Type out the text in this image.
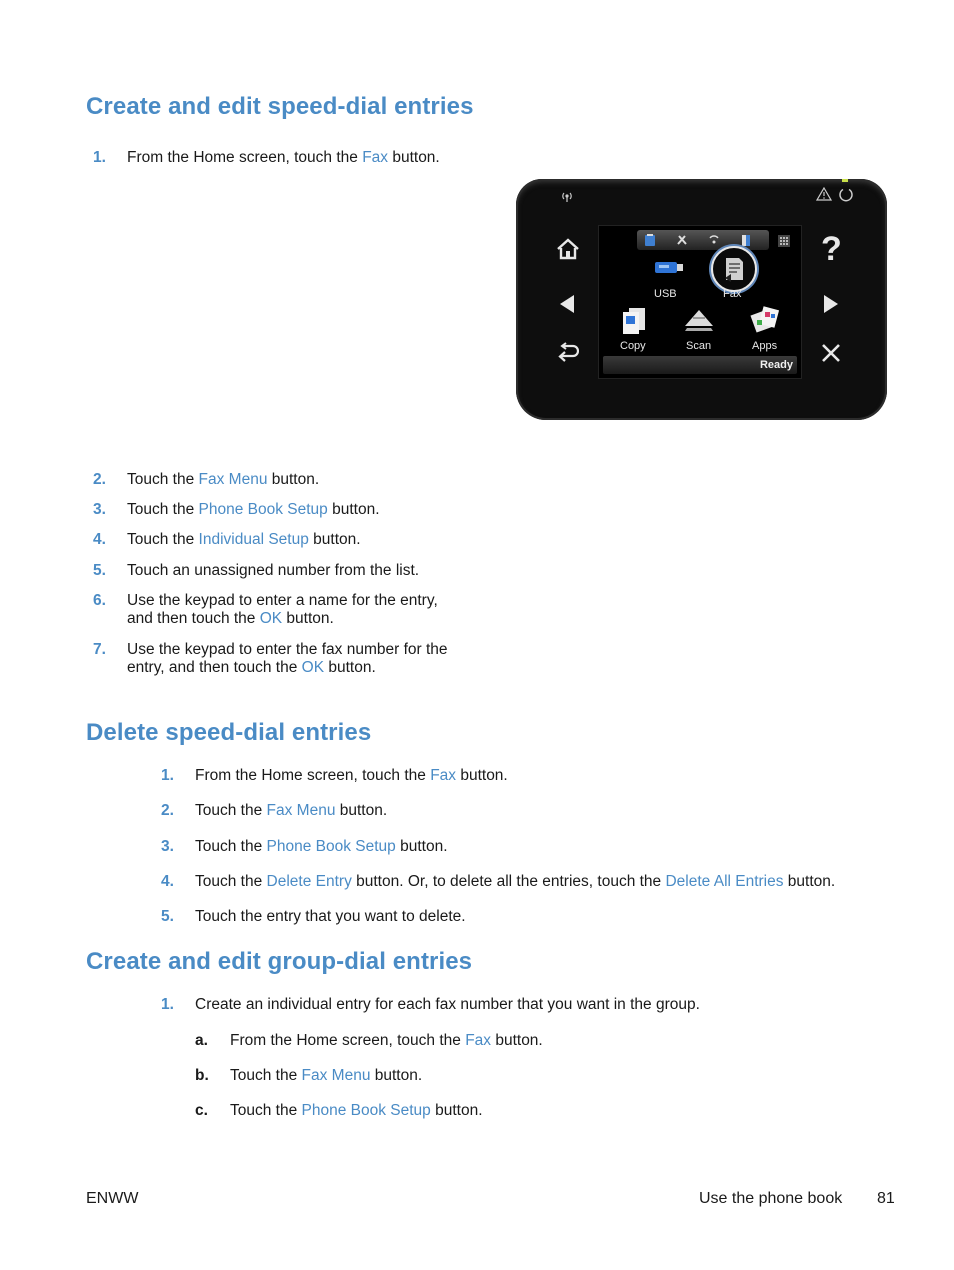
Create and edit speed-dial entries
1. From the Home screen, touch the Fax button.
?
USB	Fax
Copy	Scan	Apps
Ready
2. Touch the Fax Menu button.
3. Touch the Phone Book Setup button.
4. Touch the Individual Setup button.
5. Touch an unassigned number from the list.
6. Use the keypad to enter a name for the entry,
and then touch the OK button.
7. Use the keypad to enter the fax number for the
entry, and then touch the OK button.
Delete speed-dial entries
1. From the Home screen, touch the Fax button.
2. Touch the Fax Menu button.
3. Touch the Phone Book Setup button.
4. Touch the Delete Entry button. Or, to delete all the entries, touch the Delete All Entries button.
5. Touch the entry that you want to delete.
Create and edit group-dial entries
1. Create an individual entry for each fax number that you want in the group.
a. From the Home screen, touch the Fax button.
b. Touch the Fax Menu button.
c. Touch the Phone Book Setup button.
ENWW	Use the phone book 81
